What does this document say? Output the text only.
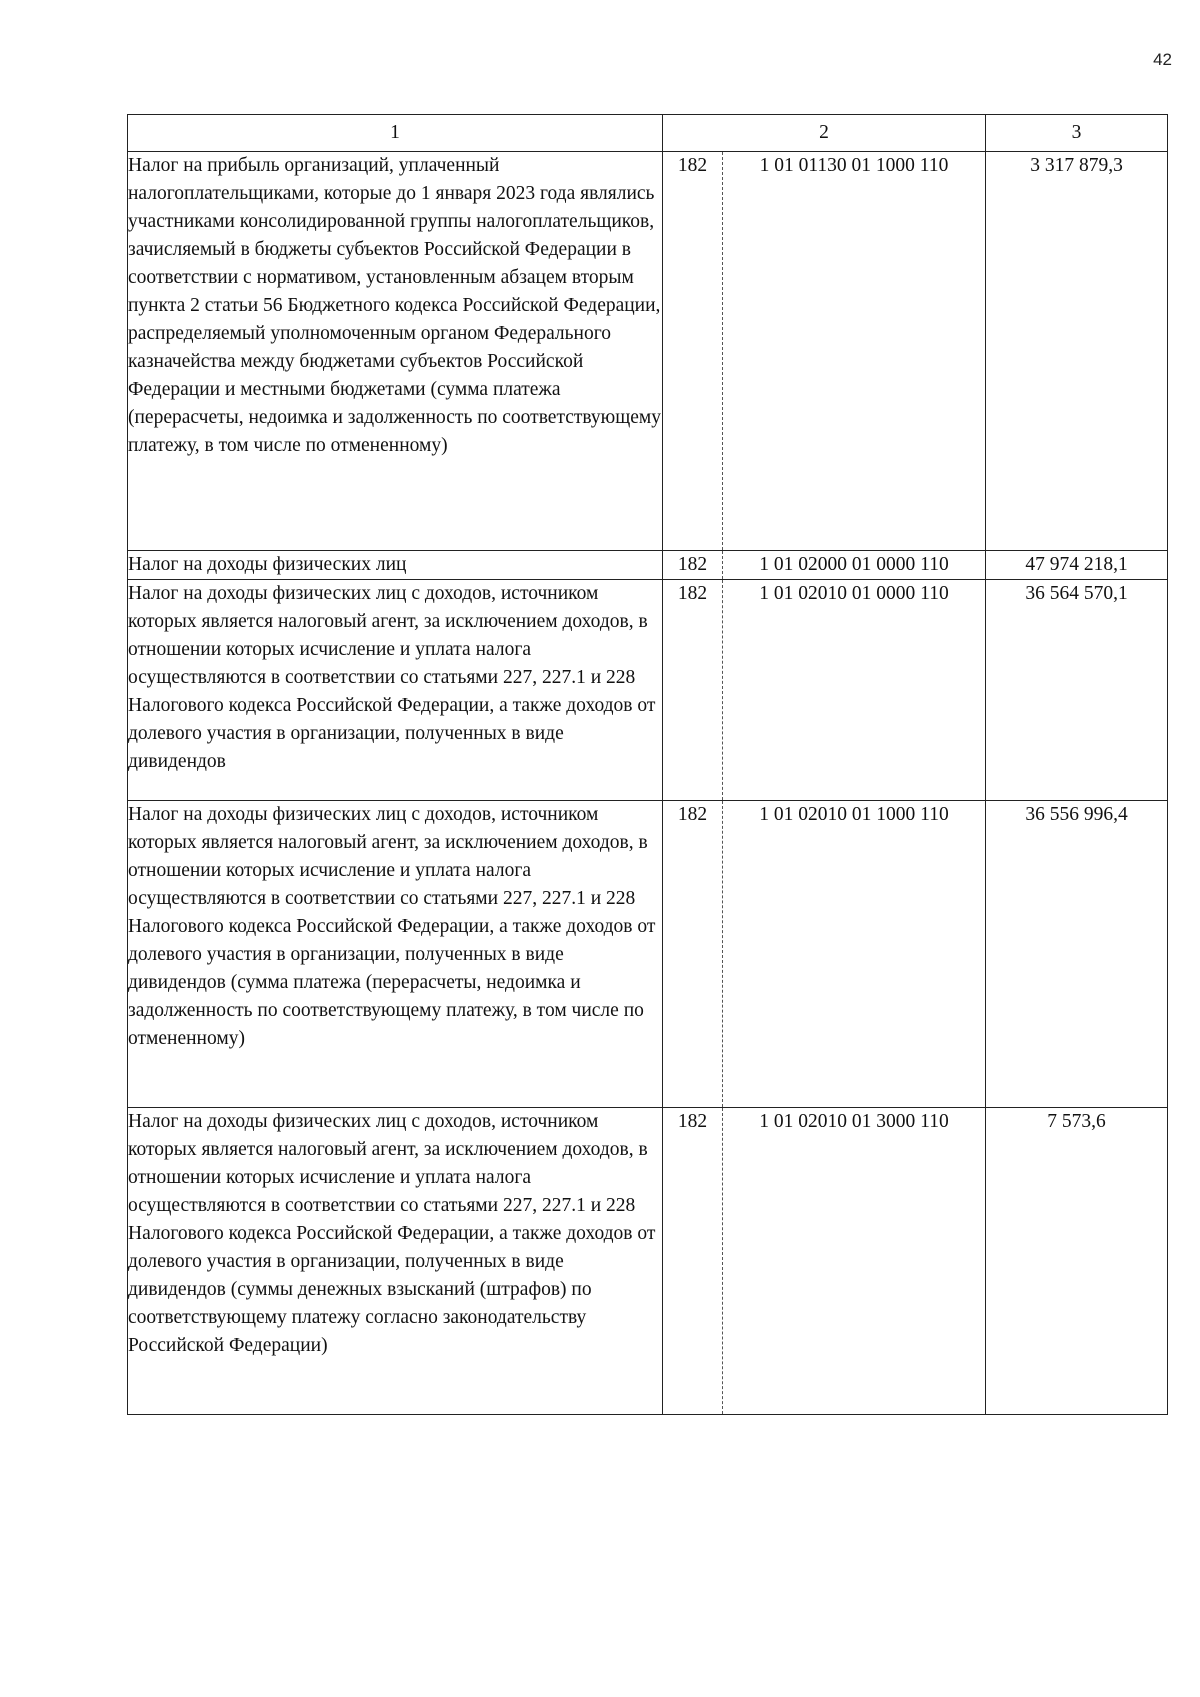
42
1	2		3
Налог на прибыль организаций, уплаченный налогоплательщиками, которые до 1 января 2023 года являлись участниками консолидированной группы налогоплательщиков, зачисляемый в бюджеты субъектов Российской Федерации в соответствии с нормативом, установленным абзацем вторым пункта 2 статьи 56 Бюджетного кодекса Российской Федерации, распределяемый уполномоченным органом Федерального казначейства между бюджетами субъектов Российской Федерации и местными бюджетами (сумма платежа (перерасчеты, недоимка и задолженность по соответствующему платежу, в том числе по отмененному)	182	1 01 01130 01 1000 110	3 317 879,3
Налог на доходы физических лиц	182	1 01 02000 01 0000 110	47 974 218,1
Налог на доходы физических лиц с доходов, источником которых является налоговый агент, за исключением доходов, в отношении которых исчисление и уплата налога осуществляются в соответствии со статьями 227, 227.1 и 228 Налогового кодекса Российской Федерации, а также доходов от долевого участия в организации, полученных в виде дивидендов	182	1 01 02010 01 0000 110	36 564 570,1
Налог на доходы физических лиц с доходов, источником которых является налоговый агент, за исключением доходов, в отношении которых исчисление и уплата налога осуществляются в соответствии со статьями 227, 227.1 и 228 Налогового кодекса Российской Федерации, а также доходов от долевого участия в организации, полученных в виде дивидендов (сумма платежа (перерасчеты, недоимка и задолженность по соответствующему платежу, в том числе по отмененному)	182	1 01 02010 01 1000 110	36 556 996,4
Налог на доходы физических лиц с доходов, источником которых является налоговый агент, за исключением доходов, в отношении которых исчисление и уплата налога осуществляются в соответствии со статьями 227, 227.1 и 228 Налогового кодекса Российской Федерации, а также доходов от долевого участия в организации, полученных в виде дивидендов (суммы денежных взысканий (штрафов) по соответствующему платежу согласно законодательству Российской Федерации)	182	1 01 02010 01 3000 110	7 573,6
